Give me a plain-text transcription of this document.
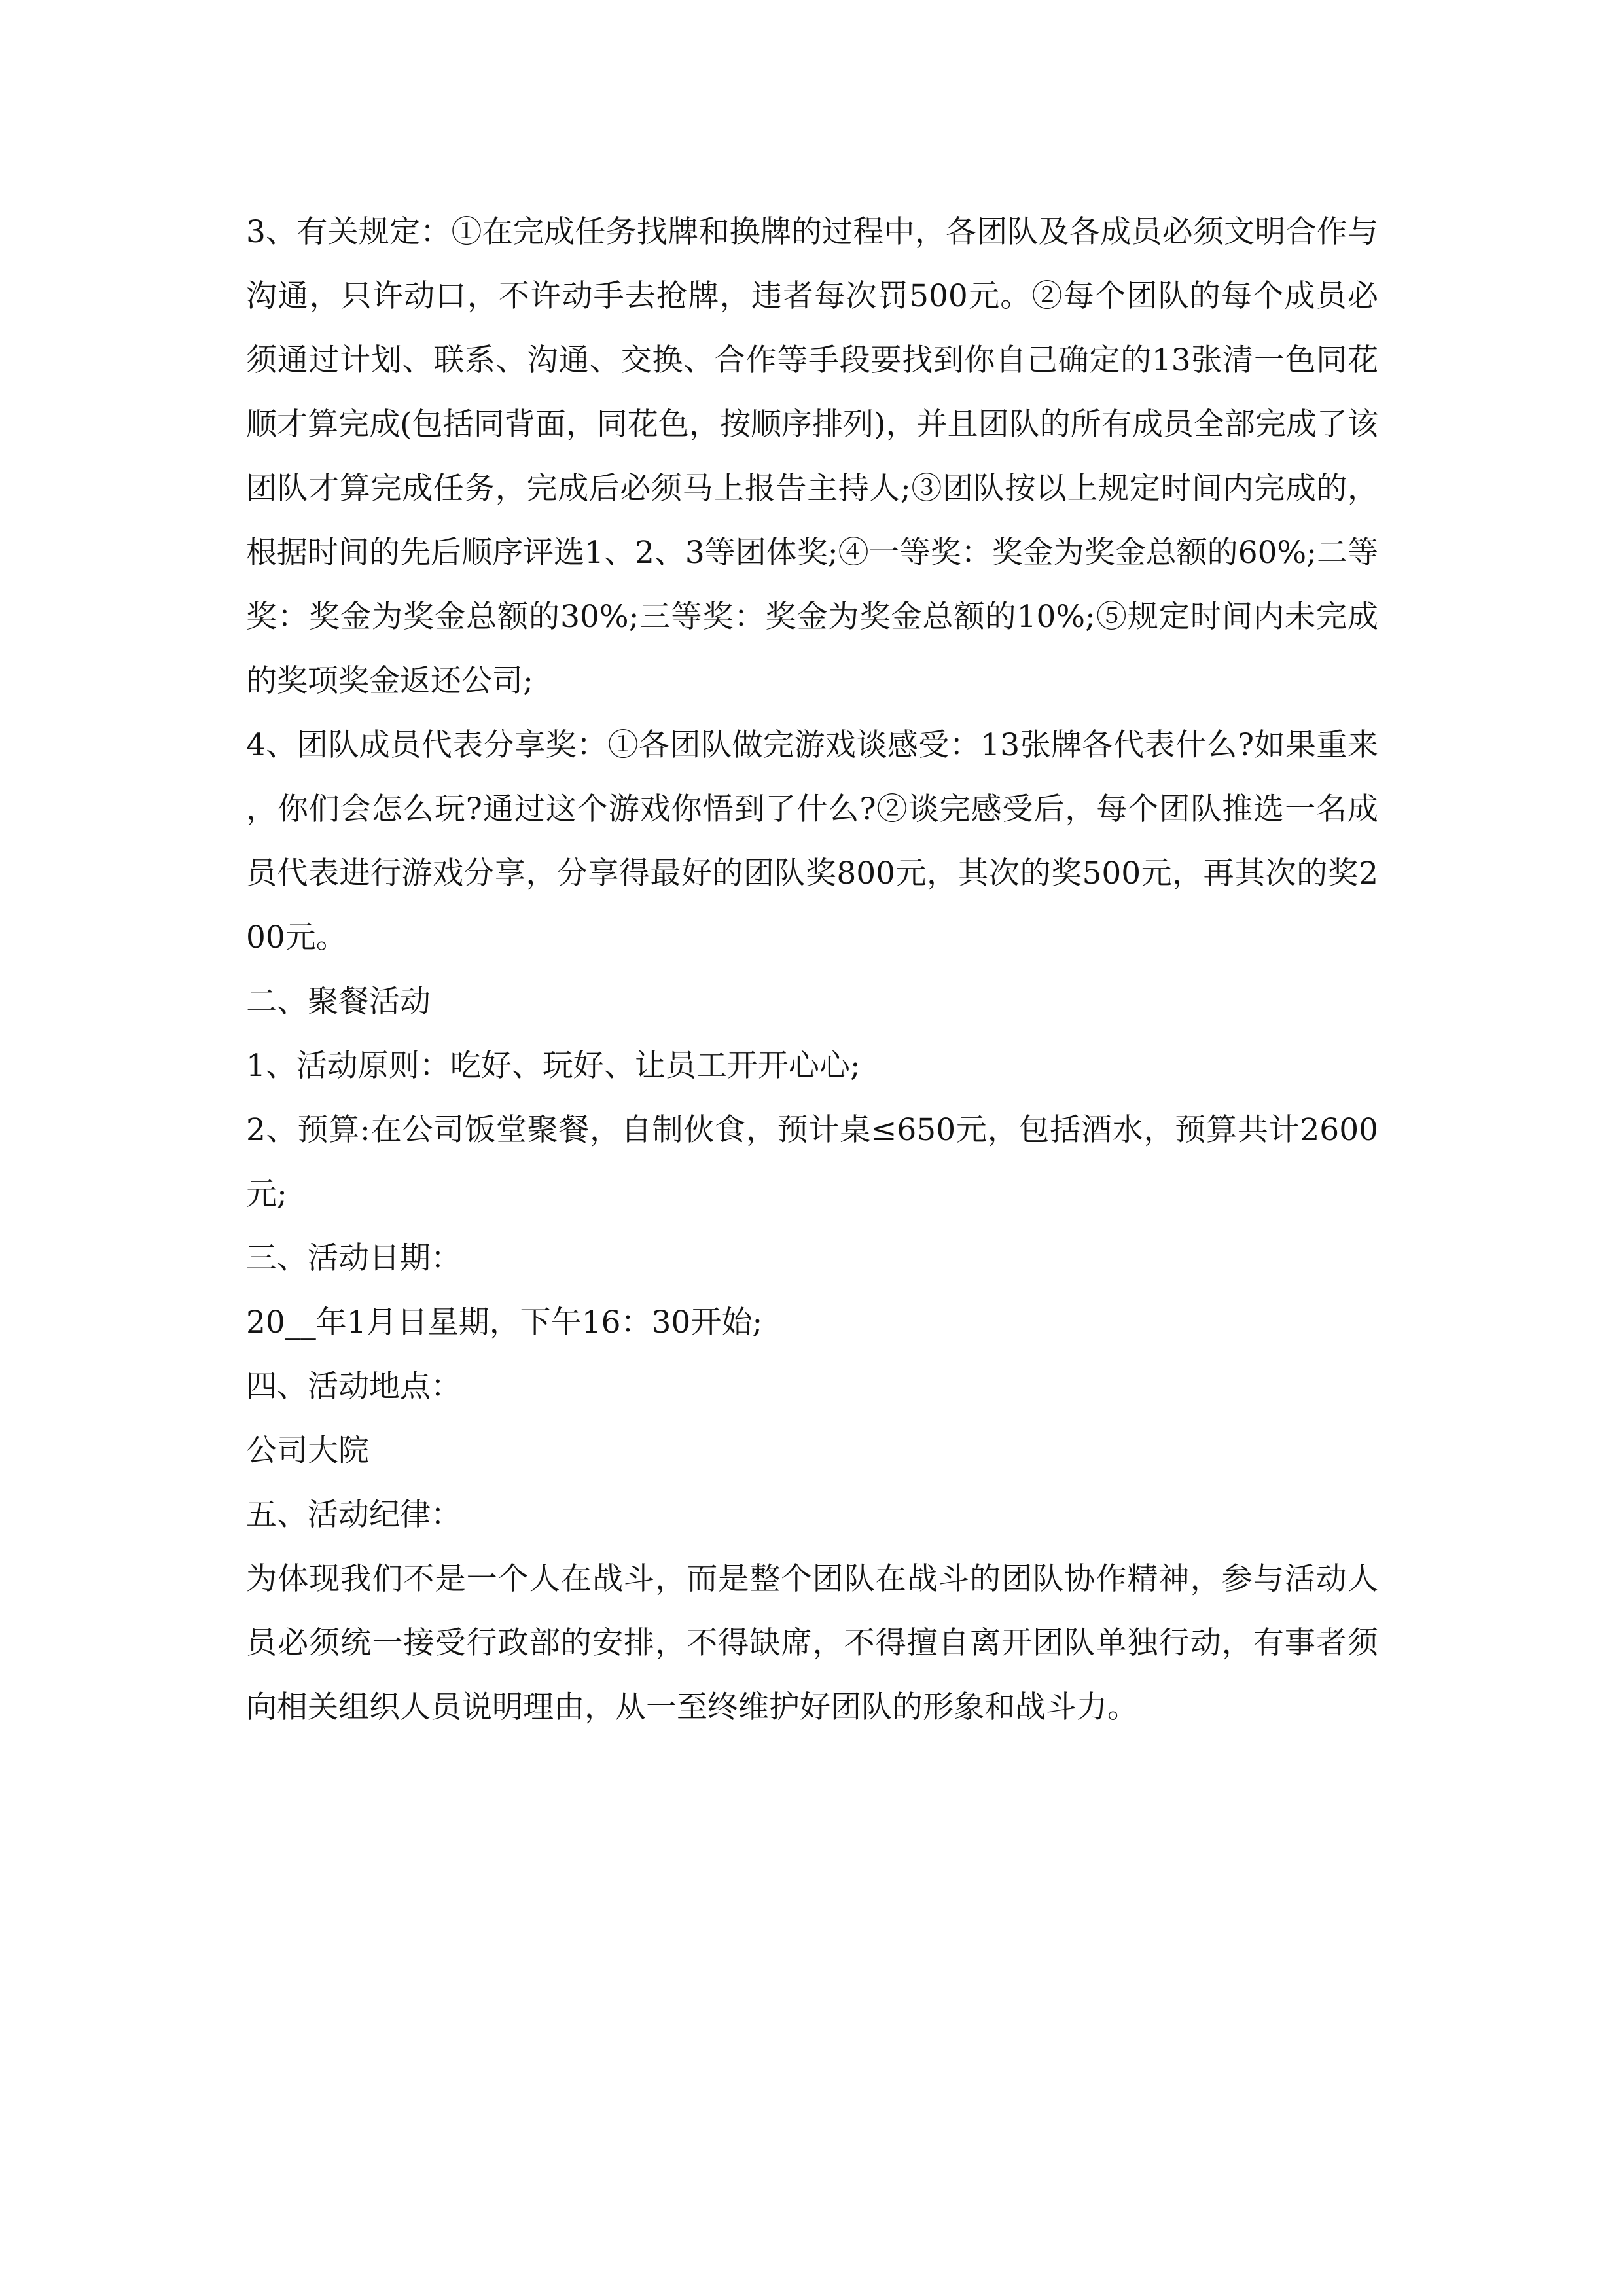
3、有关规定：①在完成任务找牌和换牌的过程中，各团队及各成员必须文明合作与沟通，只许动口，不许动手去抢牌，违者每次罚500元。②每个团队的每个成员必须通过计划、联系、沟通、交换、合作等手段要找到你自己确定的13张清一色同花顺才算完成(包括同背面，同花色，按顺序排列)，并且团队的所有成员全部完成了该团队才算完成任务，完成后必须马上报告主持人;③团队按以上规定时间内完成的，根据时间的先后顺序评选1、2、3等团体奖;④一等奖：奖金为奖金总额的60%;二等奖：奖金为奖金总额的30%;三等奖：奖金为奖金总额的10%;⑤规定时间内未完成的奖项奖金返还公司;

4、团队成员代表分享奖：①各团队做完游戏谈感受：13张牌各代表什么?如果重来，你们会怎么玩?通过这个游戏你悟到了什么?②谈完感受后，每个团队推选一名成员代表进行游戏分享，分享得最好的团队奖800元，其次的奖500元，再其次的奖200元。

二、聚餐活动

1、活动原则：吃好、玩好、让员工开开心心;

2、预算:在公司饭堂聚餐，自制伙食，预计桌≤650元，包括酒水，预算共计2600元;

三、活动日期：

20__年1月日星期，下午16：30开始;

四、活动地点：

公司大院

五、活动纪律：

为体现我们不是一个人在战斗，而是整个团队在战斗的团队协作精神，参与活动人员必须统一接受行政部的安排，不得缺席，不得擅自离开团队单独行动，有事者须向相关组织人员说明理由，从一至终维护好团队的形象和战斗力。
